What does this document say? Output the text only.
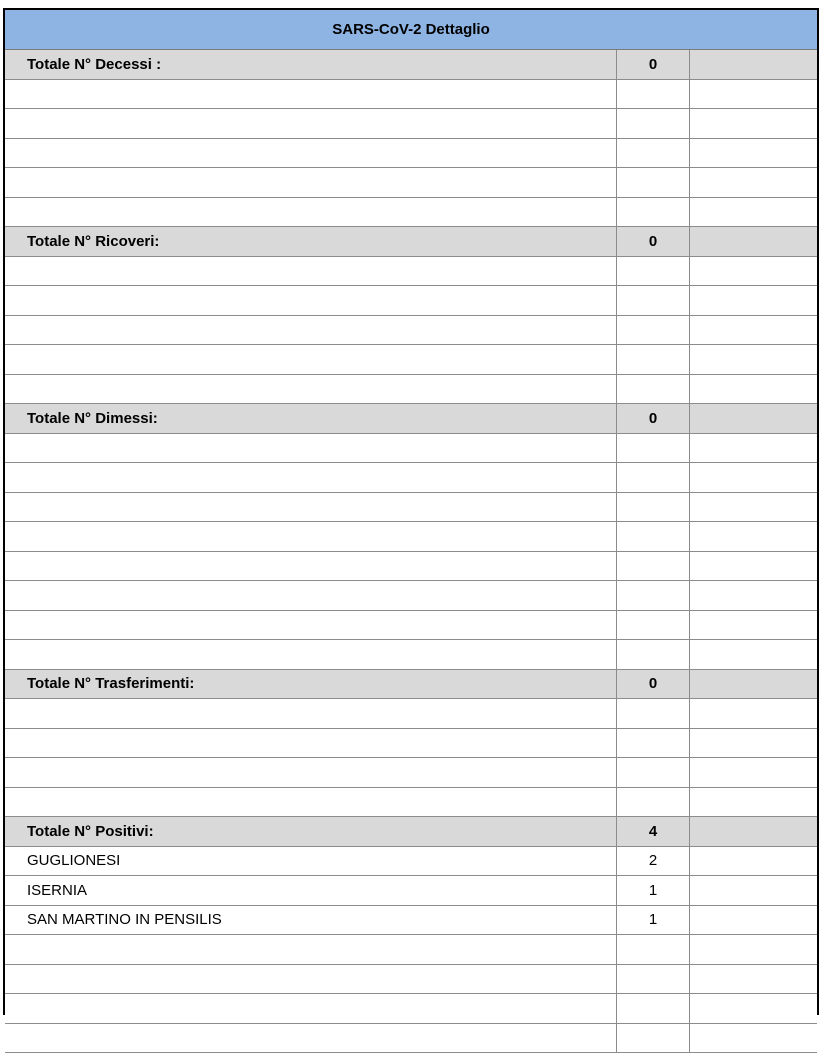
SARS-CoV-2 Dettaglio
Totale N° Decessi :	0
Totale N° Ricoveri:	0
Totale N° Dimessi:	0
Totale N° Trasferimenti:	0
Totale N° Positivi:	4
GUGLIONESI	2
ISERNIA	1
SAN MARTINO IN PENSILIS	1
